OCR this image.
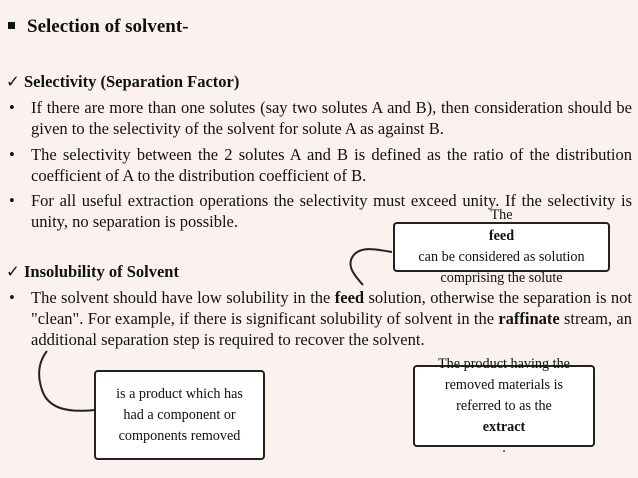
Selection of solvent-
✓ Selectivity (Separation Factor)
• If there are more than one solutes (say two solutes A and B), then consideration should be given to the selectivity of the solvent for solute A as against B.
• The selectivity between the 2 solutes A and B is defined as the ratio of the distribution coefficient of A to the distribution coefficient of B.
• For all useful extraction operations the selectivity must exceed unity. If the selectivity is unity, no separation is possible.
✓ Insolubility of Solvent
• The solvent should have low solubility in the feed solution, otherwise the separation is not "clean". For example, if there is significant solubility of solvent in the raffinate stream, an additional separation step is required to recover the solvent.
The
feed
can be considered as solution comprising the solute
is a product which has had a component or components removed
The product having the removed materials is referred to as the
extract
.
